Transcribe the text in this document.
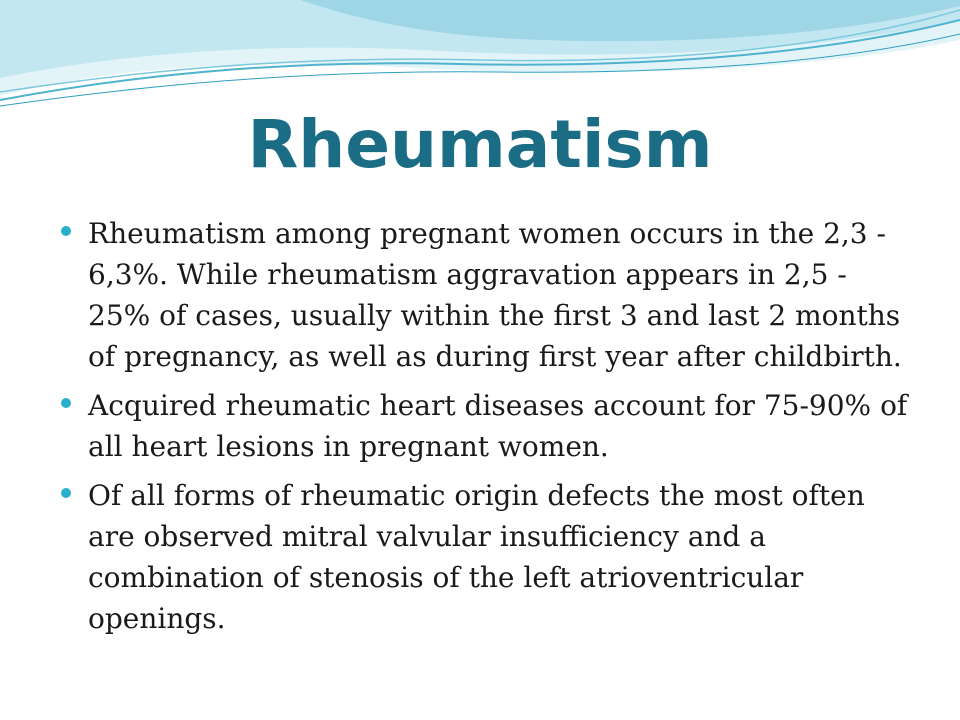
Rheumatism
Rheumatism among pregnant women occurs in the 2,3 - 6,3%. While rheumatism aggravation appears in 2,5 - 25% of cases, usually within the first 3 and last 2 months of pregnancy, as well as during first year after childbirth.
Acquired rheumatic heart diseases account for 75-90% of all heart lesions in pregnant women.
Of all forms of rheumatic origin defects the most often are observed mitral valvular insufficiency and a combination of stenosis of the left atrioventricular openings.
